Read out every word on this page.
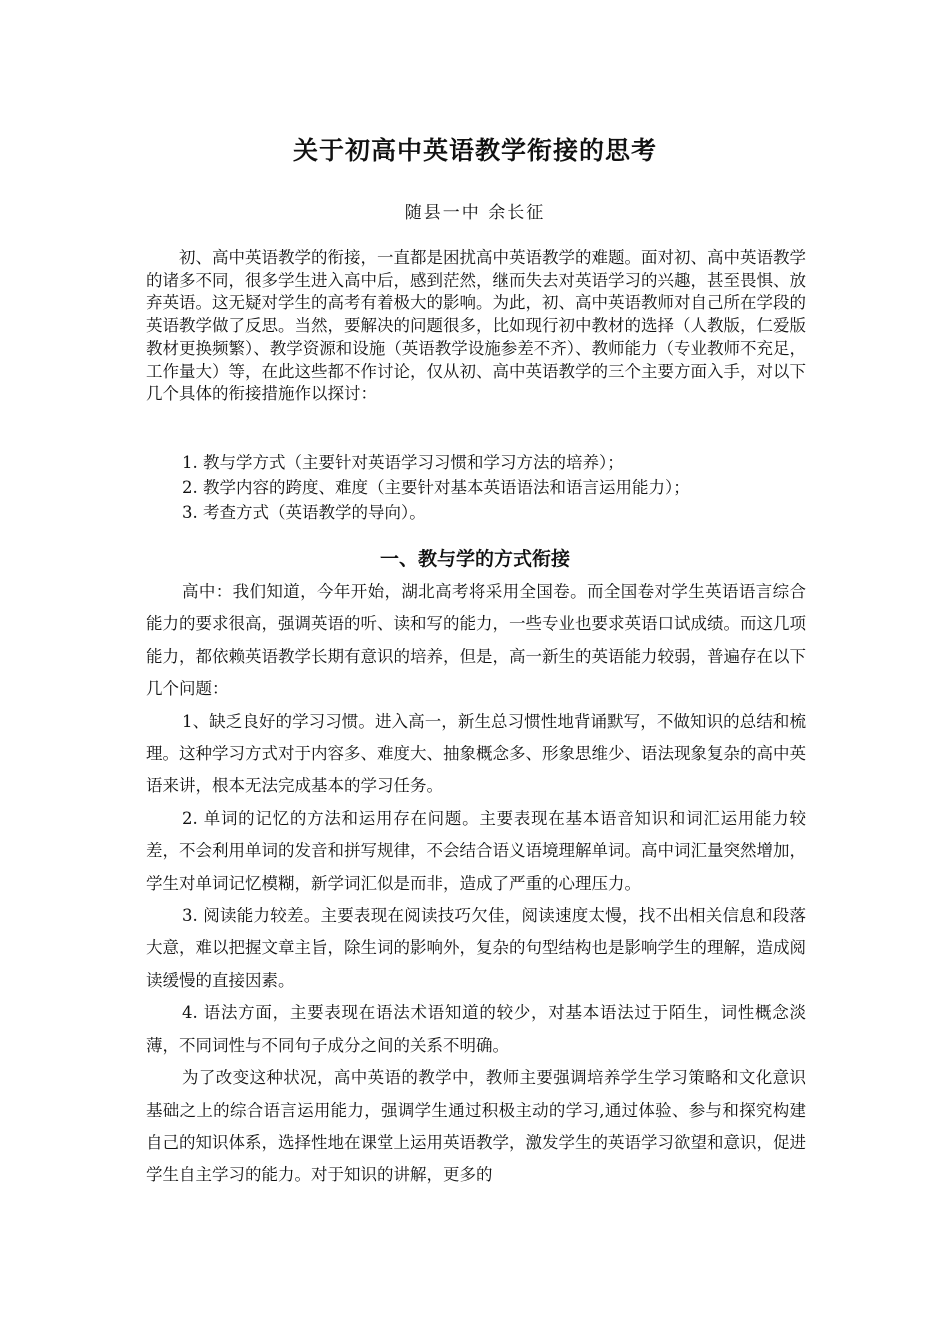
关于初高中英语教学衔接的思考
随县一中 余长征

初、高中英语教学的衔接，一直都是困扰高中英语教学的难题。面对初、高中英语教学的诸多不同，很多学生进入高中后，感到茫然，继而失去对英语学习的兴趣，甚至畏惧、放弃英语。这无疑对学生的高考有着极大的影响。为此，初、高中英语教师对自己所在学段的英语教学做了反思。当然，要解决的问题很多，比如现行初中教材的选择（人教版，仁爱版教材更换频繁）、教学资源和设施（英语教学设施参差不齐）、教师能力（专业教师不充足，工作量大）等，在此这些都不作讨论，仅从初、高中英语教学的三个主要方面入手，对以下几个具体的衔接措施作以探讨：

1. 教与学方式（主要针对英语学习习惯和学习方法的培养）；
2. 教学内容的跨度、难度（主要针对基本英语语法和语言运用能力）；
3. 考查方式（英语教学的导向）。
一、教与学的方式衔接

高中：我们知道，今年开始，湖北高考将采用全国卷。而全国卷对学生英语语言综合能力的要求很高，强调英语的听、读和写的能力，一些专业也要求英语口试成绩。而这几项能力，都依赖英语教学长期有意识的培养，但是，高一新生的英语能力较弱，普遍存在以下几个问题：

1、缺乏良好的学习习惯。进入高一，新生总习惯性地背诵默写，不做知识的总结和梳理。这种学习方式对于内容多、难度大、抽象概念多、形象思维少、语法现象复杂的高中英语来讲，根本无法完成基本的学习任务。

2. 单词的记忆的方法和运用存在问题。主要表现在基本语音知识和词汇运用能力较差，不会利用单词的发音和拼写规律，不会结合语义语境理解单词。高中词汇量突然增加，学生对单词记忆模糊，新学词汇似是而非，造成了严重的心理压力。

3. 阅读能力较差。主要表现在阅读技巧欠佳，阅读速度太慢，找不出相关信息和段落大意，难以把握文章主旨，除生词的影响外，复杂的句型结构也是影响学生的理解，造成阅读缓慢的直接因素。

4. 语法方面，主要表现在语法术语知道的较少，对基本语法过于陌生，词性概念淡薄，不同词性与不同句子成分之间的关系不明确。

为了改变这种状况，高中英语的教学中，教师主要强调培养学生学习策略和文化意识基础之上的综合语言运用能力，强调学生通过积极主动的学习,通过体验、参与和探究构建自己的知识体系，选择性地在课堂上运用英语教学，激发学生的英语学习欲望和意识，促进学生自主学习的能力。对于知识的讲解，更多的
